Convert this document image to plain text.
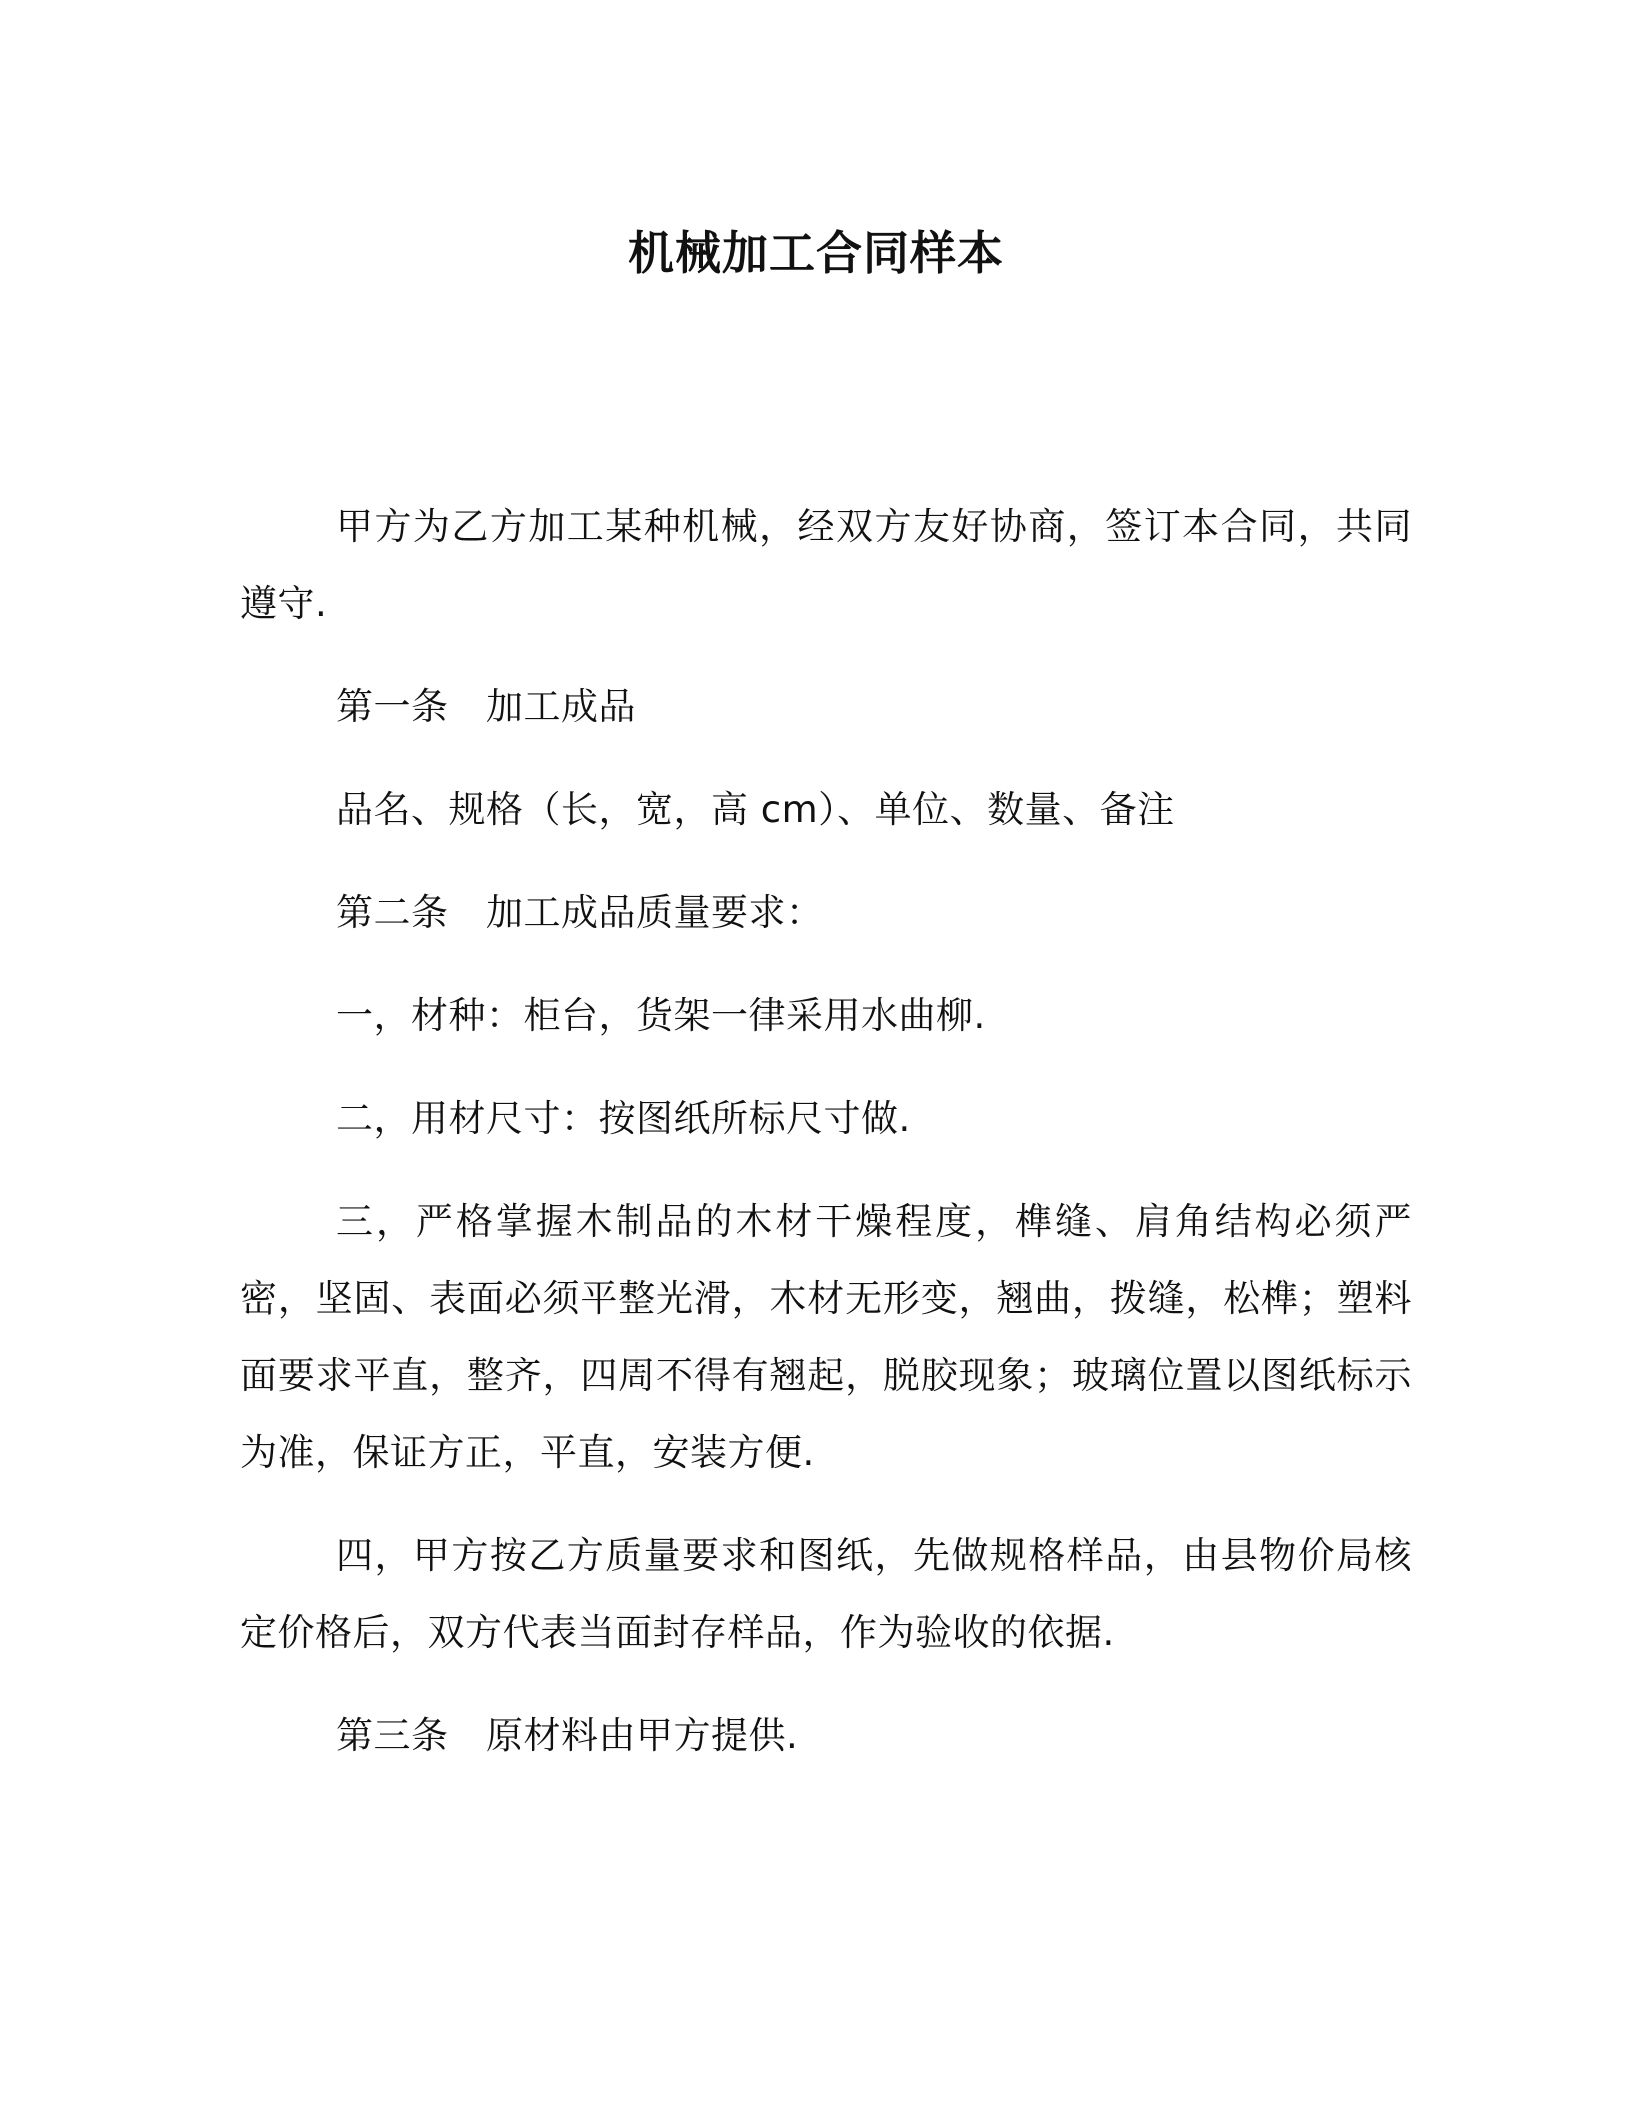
机械加工合同样本

甲方为乙方加工某种机械，经双方友好协商，签订本合同，共同遵守.

第一条　加工成品

品名、规格（长，宽，高 cm）、单位、数量、备注

第二条　加工成品质量要求：

一，材种：柜台，货架一律采用水曲柳.

二，用材尺寸：按图纸所标尺寸做.

三，严格掌握木制品的木材干燥程度，榫缝、肩角结构必须严密，坚固、表面必须平整光滑，木材无形变，翘曲，拨缝，松榫；塑料面要求平直，整齐，四周不得有翘起，脱胶现象；玻璃位置以图纸标示为准，保证方正，平直，安装方便.

四，甲方按乙方质量要求和图纸，先做规格样品，由县物价局核定价格后，双方代表当面封存样品，作为验收的依据.

第三条　原材料由甲方提供.
